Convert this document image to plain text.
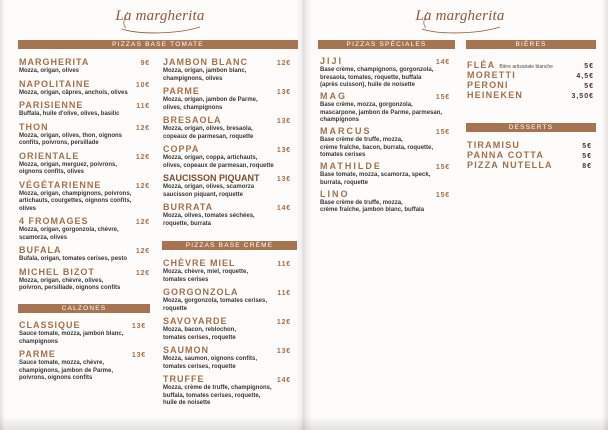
La margherita
PIZZAS BASE TOMATE
MARGHERITA	9€
Mozza, origan, olives
NAPOLITAINE	10€
Mozza, origan, câpres, anchois, olives
PARISIENNE	11€
Buffala, huile d'olive, olives, basilic
THON	12€
Mozza, origan, olives, thon, oignons
confits, poivrons, persillade
ORIENTALE	12€
Mozza, origan, merguez, poivrons,
oignons confits, olives
VÉGÉTARIENNE	12€
Mozza, origan, champignons, poivrons,
artichauts, courgettes, oignons confits,
olives
4 FROMAGES	12€
Mozza, origan, gorgonzola, chèvre,
scamorza, olives
BUFALA	12€
Bufala, origan, tomates cerises, pesto
MICHEL BIZOT	12€
Mozza, origan, chèvre, olives,
poivron, persillade, oignons confits
JAMBON BLANC	12€
Mozza, origan, jambon blanc,
champignons, olives
PARME	13€
Mozza, origan, jambon de Parme,
olives, champignons
BRESAOLA	13€
Mozza, origan, olives, bresaola,
copeaux de parmesan, roquette
COPPA	13€
Mozza, origan, coppa, artichauts,
olives, copeaux de parmesan, roquette
SAUCISSON PIQUANT 13€
Mozza, origan, olives, scamorza
saucisson piquant, roquette
BURRATA	14€
Mozza, olives, tomates séchées,
roquette, burrata
CALZONES
CLASSIQUE	13€
Sauce tomate, mozza, jambon blanc,
champignons
PARME	13€
Sauce tomate, mozza, chèvre,
champignons, jambon de Parme,
poivrons, oignons confits
PIZZAS BASE CRÈME
CHÈVRE MIEL	11€
Mozza, chèvre, miel, roquette,
tomates cerises
GORGONZOLA	11€
Mozza, gorgonzola, tomates cerises,
roquette
SAVOYARDE	12€
Mozza, bacon, reblochon,
tomates cerises, roquette
SAUMON	13€
Mozza, saumon, oignons confits,
tomates cerises, roquette
TRUFFE	14€
Mozza, crème de truffe, champignons,
buffala, tomates cerises, roquette,
huile de noisette
La margherita
PIZZAS SPÉCIALES
JIJI	14€
Base crème, champignons, gorgonzola,
bresaola, tomates, roquette, buffala
(après cuisson), huile de noisette
MAG	15€
Base crème, mozza, gorgonzola,
mascarpone, jambon de Parme, parmesan,
champignons
MARCUS	15€
Base crème de truffe, mozza,
crème fraîche, bacon, burrata, roquette,
tomates cerises
MATHILDE	15€
Base tomate, mozza, scamorza, speck,
burrata, roquette
LINO	15€
Base crème de truffe, mozza,
crème fraîche, jambon blanc, buffala
BIÈRES
FLÉA Bière artisanale blanche	5€
MORETTI	4,5€
PERONI	5€
HEINEKEN	3,50€
DESSERTS
TIRAMISU	5€
PANNA COTTA	5€
PIZZA NUTELLA	8€
